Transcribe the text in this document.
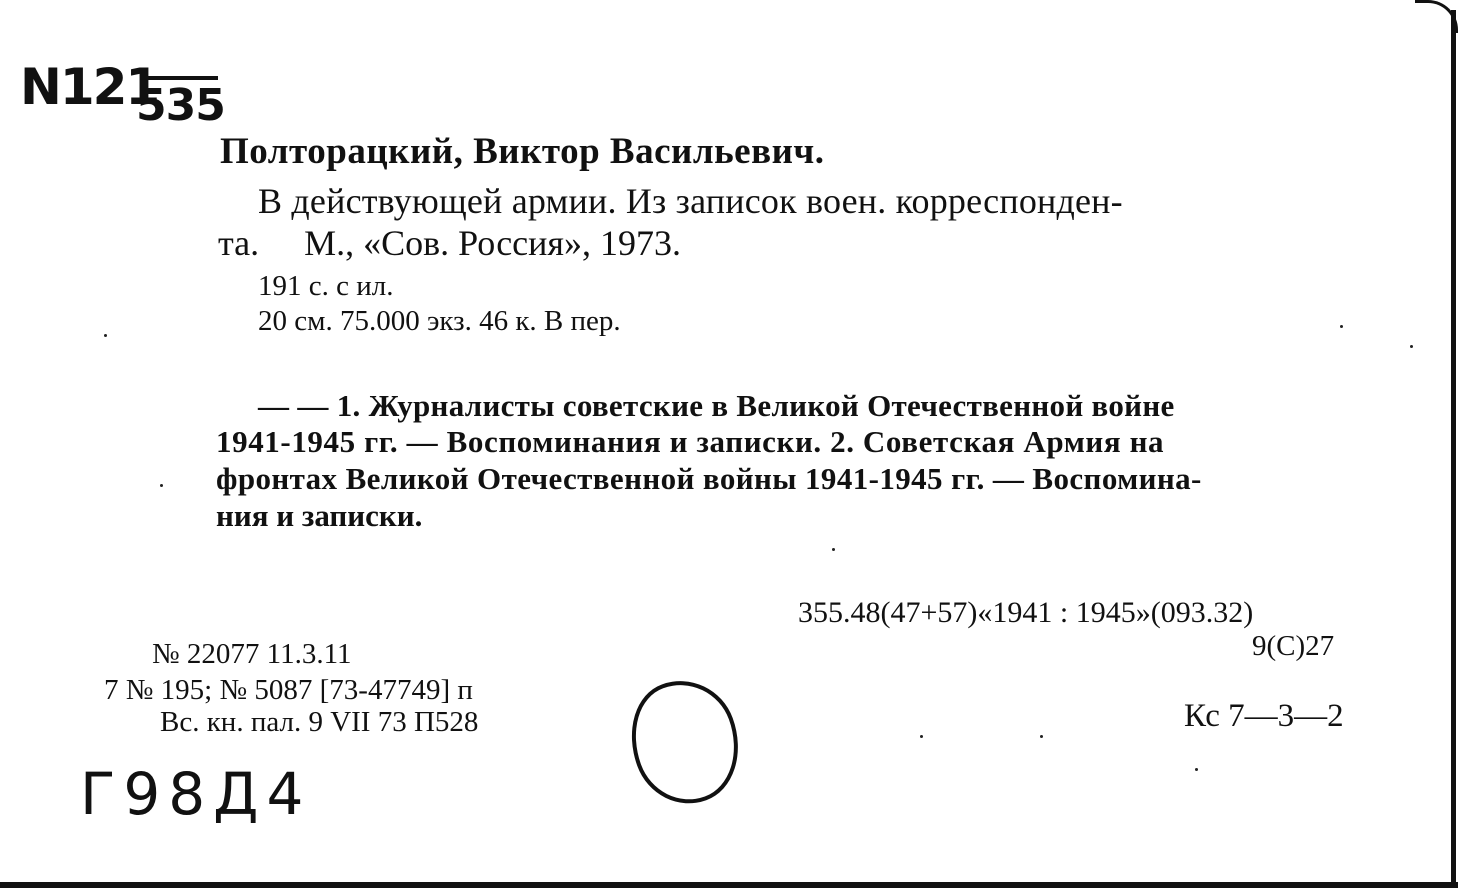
N121
535
Полторацкий, Виктор Васильевич.
В действующей армии. Из записок воен. корреспонден-
та.     М., «Сов. Россия», 1973.
191 с. с ил.
20 см. 75.000 экз. 46 к. В пер.
— — 1. Журналисты советские в Великой Отечественной войне
1941-1945 гг. — Воспоминания и записки. 2. Советская Армия на
фронтах Великой Отечественной войны 1941-1945 гг. — Воспомина-
ния и записки.
355.48(47+57)«1941 : 1945»(093.32)
9(С)27
№ 22077 11.3.11
7 № 195; № 5087 [73-47749] п
Вс. кн. пал. 9 VII 73 П528	Кс 7—3—2
Г98Д4
